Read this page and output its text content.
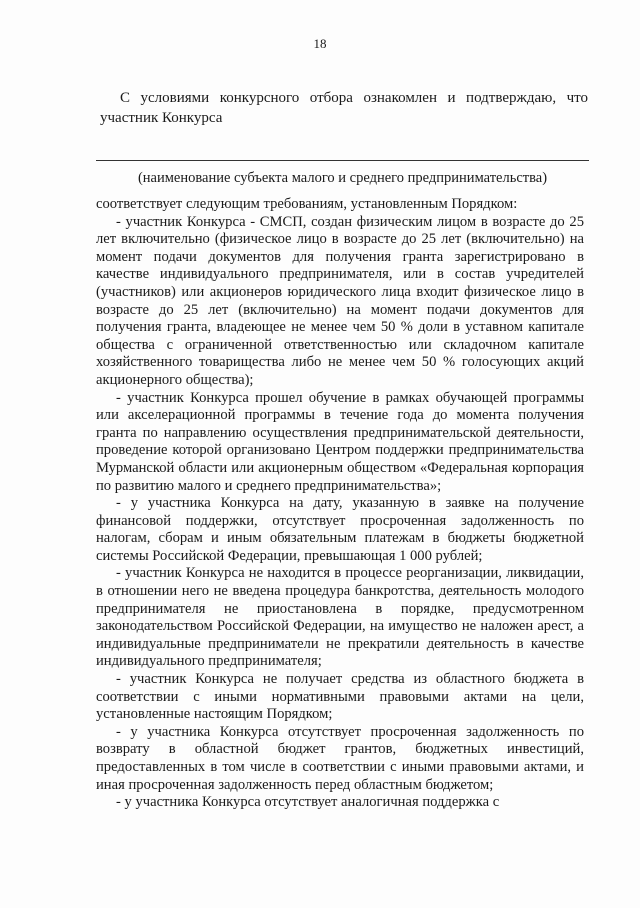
18

С условиями конкурсного отбора ознакомлен и подтверждаю, что участник Конкурса

(наименование субъекта малого и среднего предпринимательства)

соответствует следующим требованиям, установленным Порядком:

- участник Конкурса - СМСП, создан физическим лицом в возрасте до 25 лет включительно (физическое лицо в возрасте до 25 лет (включительно) на момент подачи документов для получения гранта зарегистрировано в качестве индивидуального предпринимателя, или в состав учредителей (участников) или акционеров юридического лица входит физическое лицо в возрасте до 25 лет (включительно) на момент подачи документов для получения гранта, владеющее не менее чем 50 % доли в уставном капитале общества с ограниченной ответственностью или складочном капитале хозяйственного товарищества либо не менее чем 50 % голосующих акций акционерного общества);

- участник Конкурса прошел обучение в рамках обучающей программы или акселерационной программы в течение года до момента получения гранта по направлению осуществления предпринимательской деятельности, проведение которой организовано Центром поддержки предпринимательства Мурманской области или акционерным обществом «Федеральная корпорация по развитию малого и среднего предпринимательства»;

- у участника Конкурса на дату, указанную в заявке на получение финансовой поддержки, отсутствует просроченная задолженность по налогам, сборам и иным обязательным платежам в бюджеты бюджетной системы Российской Федерации, превышающая 1 000 рублей;

- участник Конкурса не находится в процессе реорганизации, ликвидации, в отношении него не введена процедура банкротства, деятельность молодого предпринимателя не приостановлена в порядке, предусмотренном законодательством Российской Федерации, на имущество не наложен арест, а индивидуальные предприниматели не прекратили деятельность в качестве индивидуального предпринимателя;

- участник Конкурса не получает средства из областного бюджета в соответствии с иными нормативными правовыми актами на цели, установленные настоящим Порядком;

- у участника Конкурса отсутствует просроченная задолженность по возврату в областной бюджет грантов, бюджетных инвестиций, предоставленных в том числе в соответствии с иными правовыми актами, и иная просроченная задолженность перед областным бюджетом;

- у участника Конкурса отсутствует аналогичная поддержка с
